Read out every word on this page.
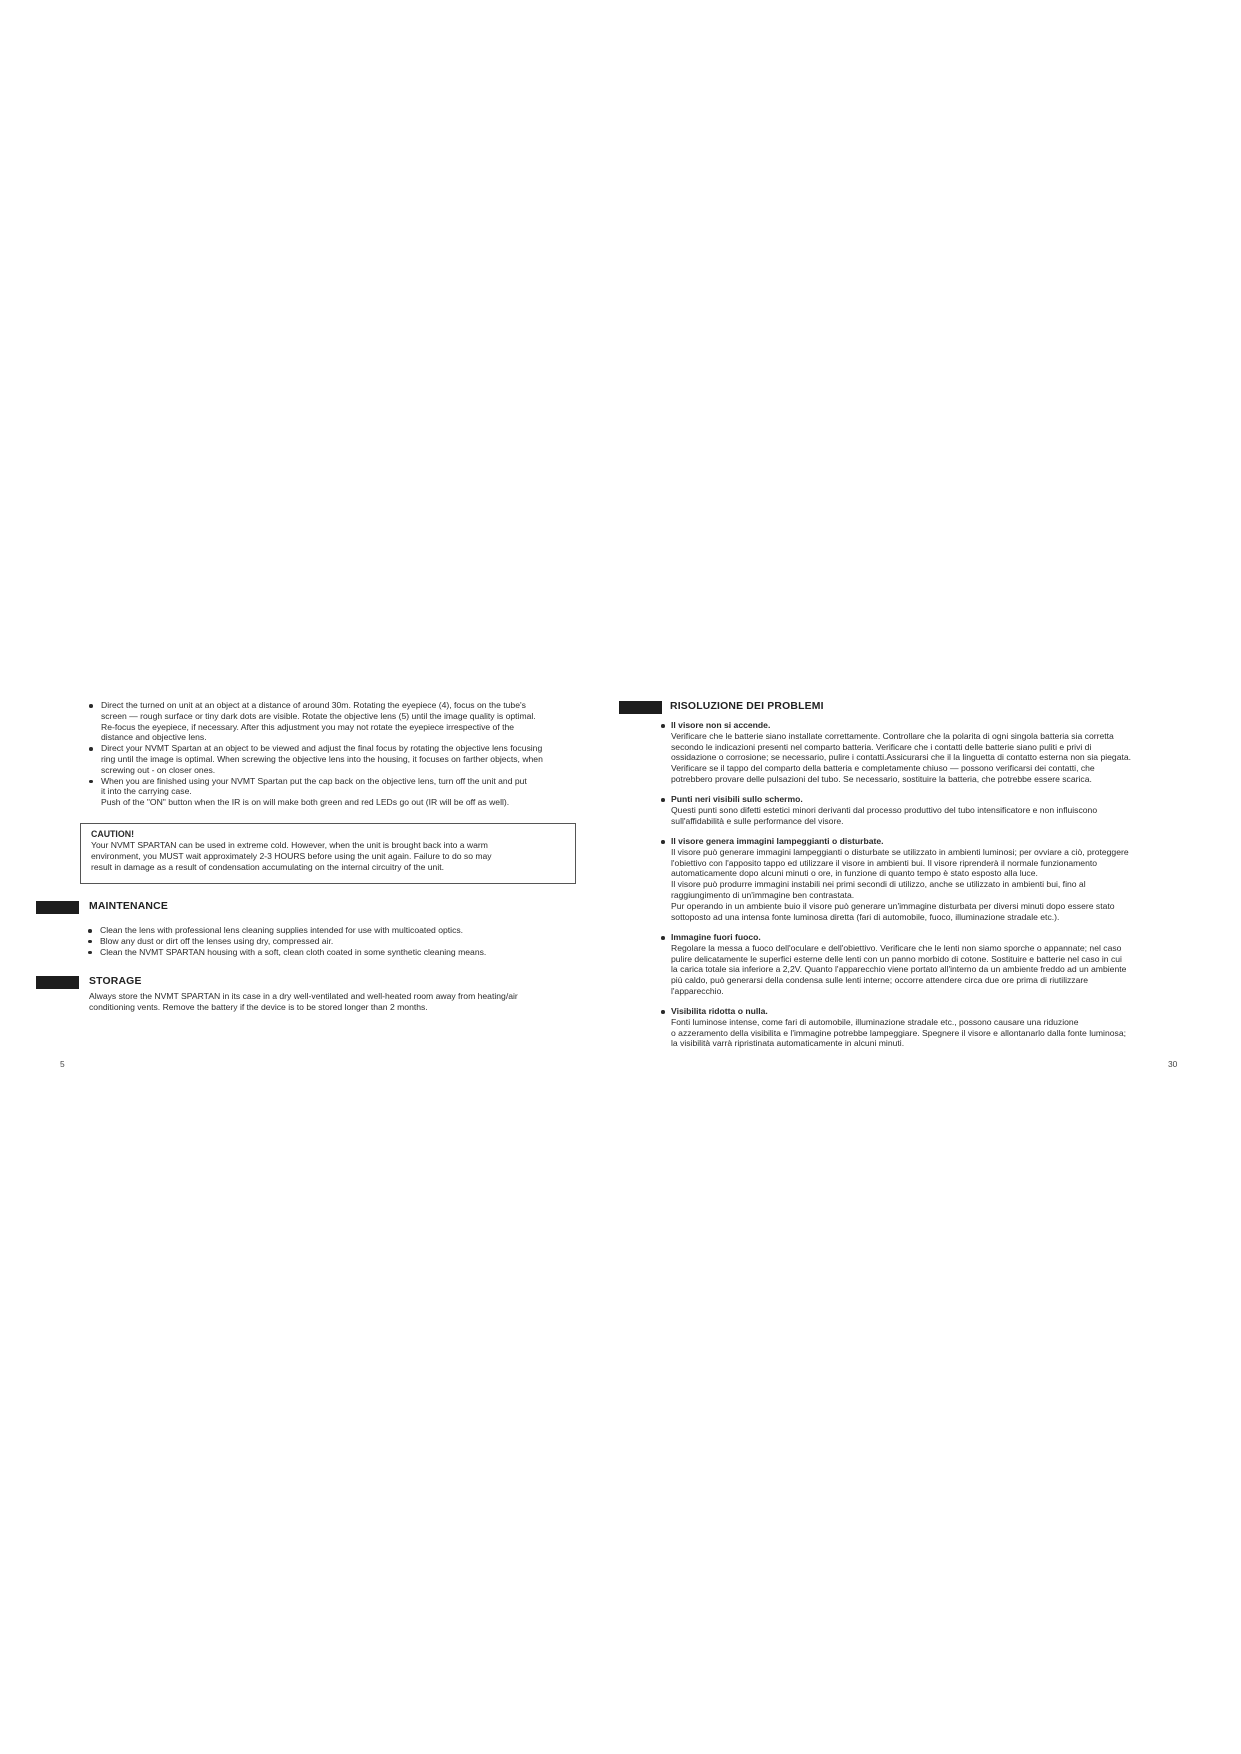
Direct the turned on unit at an object at a distance of around 30m. Rotating the eyepiece (4), focus on the tube's
screen — rough surface or tiny dark dots are visible. Rotate the objective lens (5) until the image quality is optimal.
Re-focus the eyepiece, if necessary. After this adjustment you may not rotate the eyepiece irrespective of the
distance and objective lens.
Direct your NVMT Spartan at an object to be viewed and adjust the final focus by rotating the objective lens focusing
ring until the image is optimal. When screwing the objective lens into the housing, it focuses on farther objects, when
screwing out - on closer ones.
When you are finished using your NVMT Spartan put the cap back on the objective lens, turn off the unit and put
it into the carrying case.
Push of the "ON" button when the IR is on will make both green and red LEDs go out (IR will be off as well).
CAUTION!
Your NVMT SPARTAN can be used in extreme cold. However, when the unit is brought back into a warm
environment, you MUST wait approximately 2-3 HOURS before using the unit again. Failure to do so may
result in damage as a result of condensation accumulating on the internal circuitry of the unit.
MAINTENANCE
Clean the lens with professional lens cleaning supplies intended for use with multicoated optics.
Blow any dust or dirt off the lenses using dry, compressed air.
Clean the NVMT SPARTAN housing with a soft, clean cloth coated in some synthetic cleaning means.
STORAGE
Always store the NVMT SPARTAN in its case in a dry well-ventilated and well-heated room away from heating/air
conditioning vents. Remove the battery if the device is to be stored longer than 2 months.
5
RISOLUZIONE DEI PROBLEMI
Il visore non si accende.
Verificare che le batterie siano installate correttamente. Controllare che la polarita di ogni singola batteria sia corretta
secondo le indicazioni presenti nel comparto batteria. Verificare che i contatti delle batterie siano puliti e privi di
ossidazione o corrosione; se necessario, pulire i contatti.Assicurarsi che il la linguetta di contatto esterna non sia piegata.
Verificare se il tappo del comparto della batteria e completamente chiuso — possono verificarsi dei contatti, che
potrebbero provare delle pulsazioni del tubo. Se necessario, sostituire la batteria, che potrebbe essere scarica.
Punti neri visibili sullo schermo.
Questi punti sono difetti estetici minori derivanti dal processo produttivo del tubo intensificatore e non influiscono
sull'affidabilità e sulle performance del visore.
Il visore genera immagini lampeggianti o disturbate.
Il visore può generare immagini lampeggianti o disturbate se utilizzato in ambienti luminosi; per ovviare a ciò, proteggere
l'obiettivo con l'apposito tappo ed utilizzare il visore in ambienti bui. Il visore riprenderà il normale funzionamento
automaticamente dopo alcuni minuti o ore, in funzione di quanto tempo è stato esposto alla luce.
Il visore può produrre immagini instabili nei primi secondi di utilizzo, anche se utilizzato in ambienti bui, fino al
raggiungimento di un'immagine ben contrastata.
Pur operando in un ambiente buio il visore può generare un'immagine disturbata per diversi minuti dopo essere stato
sottoposto ad una intensa fonte luminosa diretta (fari di automobile, fuoco, illuminazione stradale etc.).
Immagine fuori fuoco.
Regolare la messa a fuoco dell'oculare e dell'obiettivo. Verificare che le lenti non siamo sporche o appannate; nel caso
pulire delicatamente le superfici esterne delle lenti con un panno morbido di cotone. Sostituire e batterie nel caso in cui
la carica totale sia inferiore a 2,2V. Quanto l'apparecchio viene portato all'interno da un ambiente freddo ad un ambiente
più caldo, può generarsi della condensa sulle lenti interne; occorre attendere circa due ore prima di riutilizzare
l'apparecchio.
Visibilita ridotta o nulla.
Fonti luminose intense, come fari di automobile, illuminazione stradale etc., possono causare una riduzione
o azzeramento della visibilita e l'immagine potrebbe lampeggiare. Spegnere il visore e allontanarlo dalla fonte luminosa;
la visibilità varrà ripristinata automaticamente in alcuni minuti.
30
